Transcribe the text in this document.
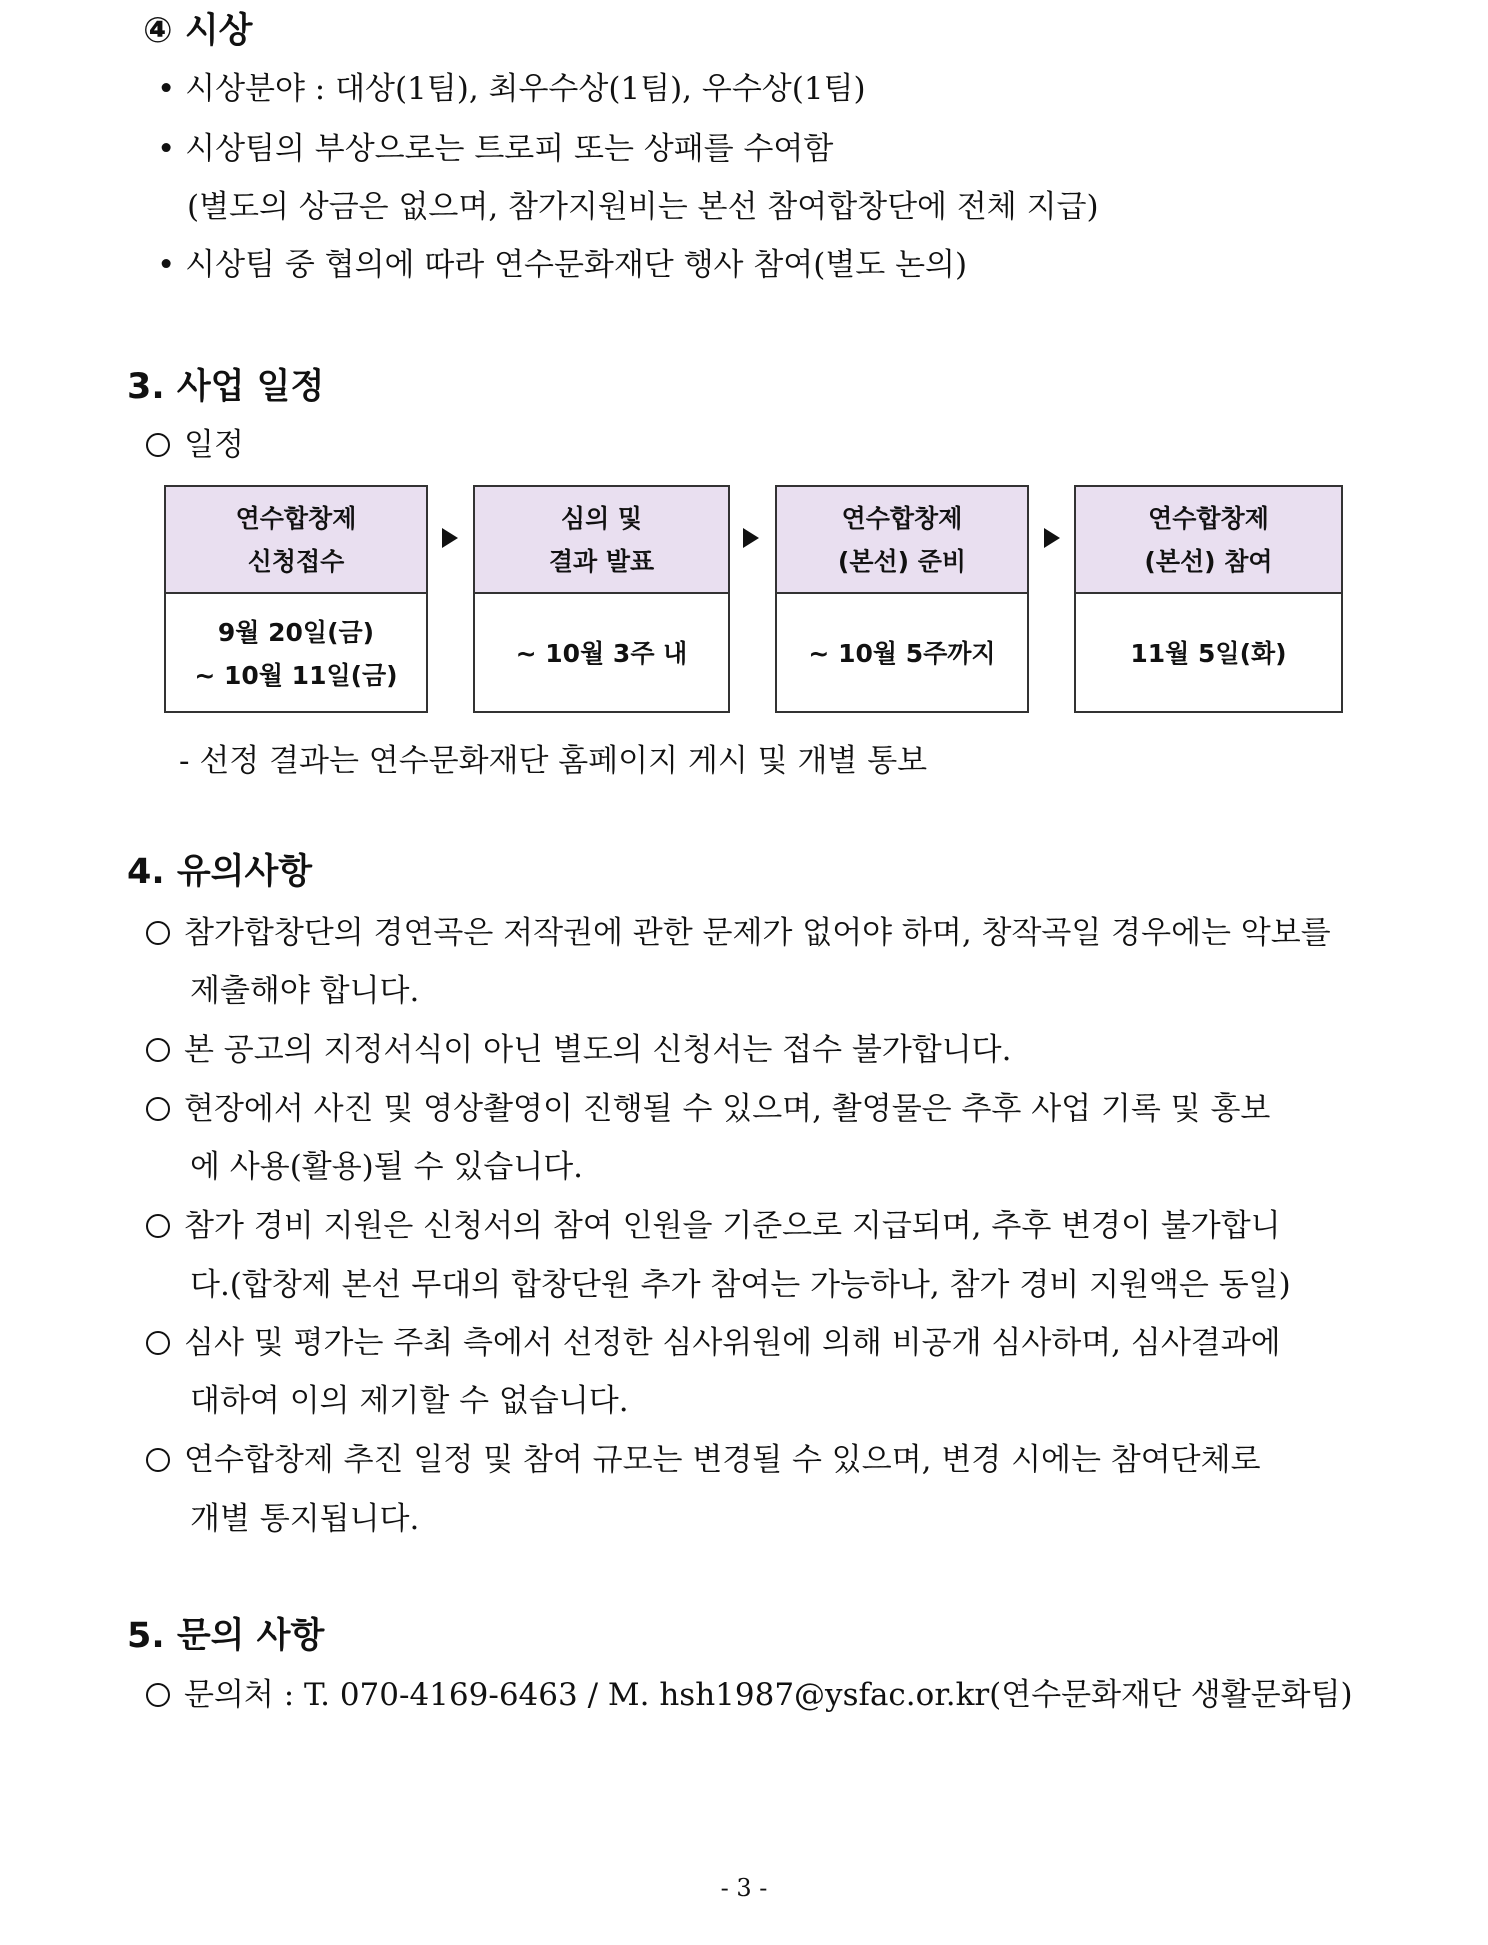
④ 시상
• 시상분야 : 대상(1팀), 최우수상(1팀), 우수상(1팀)
• 시상팀의 부상으로는 트로피 또는 상패를 수여함
(별도의 상금은 없으며, 참가지원비는 본선 참여합창단에 전체 지급)
• 시상팀 중 협의에 따라 연수문화재단 행사 참여(별도 논의)
3. 사업 일정
일정
연수합창제
신청접수
9월 20일(금)
~ 10월 11일(금)
심의 및
결과 발표
~ 10월 3주 내
연수합창제
(본선) 준비
~ 10월 5주까지
연수합창제
(본선) 참여
11월 5일(화)
- 선정 결과는 연수문화재단 홈페이지 게시 및 개별 통보
4. 유의사항
참가합창단의 경연곡은 저작권에 관한 문제가 없어야 하며, 창작곡일 경우에는 악보를
제출해야 합니다.
본 공고의 지정서식이 아닌 별도의 신청서는 접수 불가합니다.
현장에서 사진 및 영상촬영이 진행될 수 있으며, 촬영물은 추후 사업 기록 및 홍보
에 사용(활용)될 수 있습니다.
참가 경비 지원은 신청서의 참여 인원을 기준으로 지급되며, 추후 변경이 불가합니
다.(합창제 본선 무대의 합창단원 추가 참여는 가능하나, 참가 경비 지원액은 동일)
심사 및 평가는 주최 측에서 선정한 심사위원에 의해 비공개 심사하며, 심사결과에
대하여 이의 제기할 수 없습니다.
연수합창제 추진 일정 및 참여 규모는 변경될 수 있으며, 변경 시에는 참여단체로
개별 통지됩니다.
5. 문의 사항
문의처 : T. 070-4169-6463 / M. hsh1987@ysfac.or.kr(연수문화재단 생활문화팀)
- 3 -
